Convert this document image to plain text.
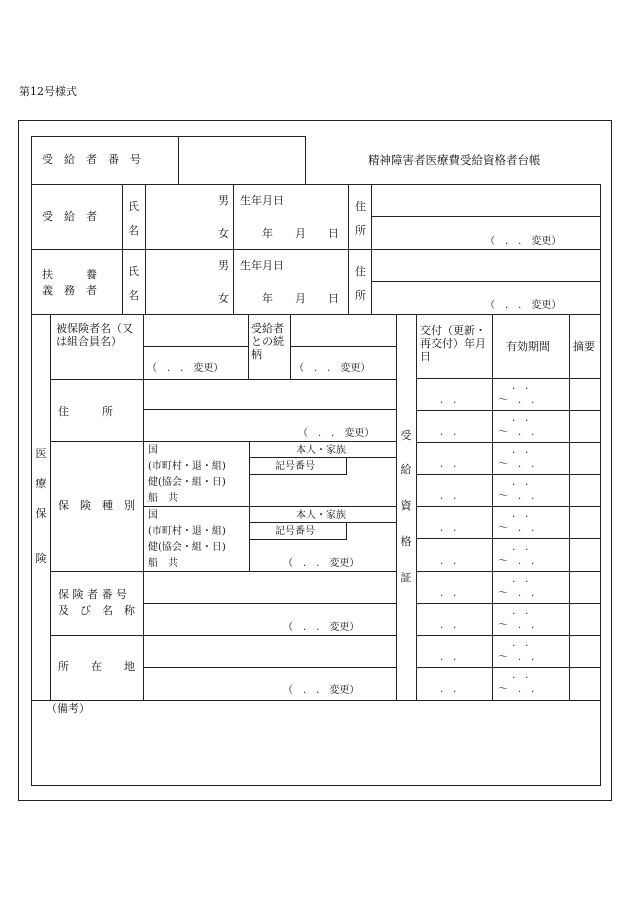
第12号様式
受　給　者　番　号	精神障害者医療費受給資格者台帳
受　給　者
氏
名
男
女
生年月日
年　　月　　日
住
所
（　.　.　変更）
扶　　　養
義　務　者
氏
名
男
女
生年月日
年　　月　　日
住
所
（　.　.　変更）
医
療
保
険
被保険者名（又は組合員名）
（　.　.　変更）
受給者との続柄
（　.　.　変更）
住　　　所
（　.　.　変更）
保　険　種　別
国
(市町村・退・組)
健(協会・組・日)
船　共
本人・家族
記号番号
国
(市町村・退・組)
健(協会・組・日)
船　共
本人・家族
記号番号
（　.　.　変更）
保 険 者 番 号
及　び　名　称
（　.　.　変更）
所　　在　　地
（　.　.　変更）
受
給
資
格
証
交付（更新・再交付）年月日
有効期間 摘要
.　.
.　.
～ .　.
.　.
.　.
～ .　.
.　.
.　.
～ .　.
.　.
.　.
～ .　.
.　.
.　.
～ .　.
.　.
.　.
～ .　.
.　.
.　.
～ .　.
.　.
.　.
～ .　.
.　.
.　.
～ .　.
.　.
.　.
～ .　.
（備考）
